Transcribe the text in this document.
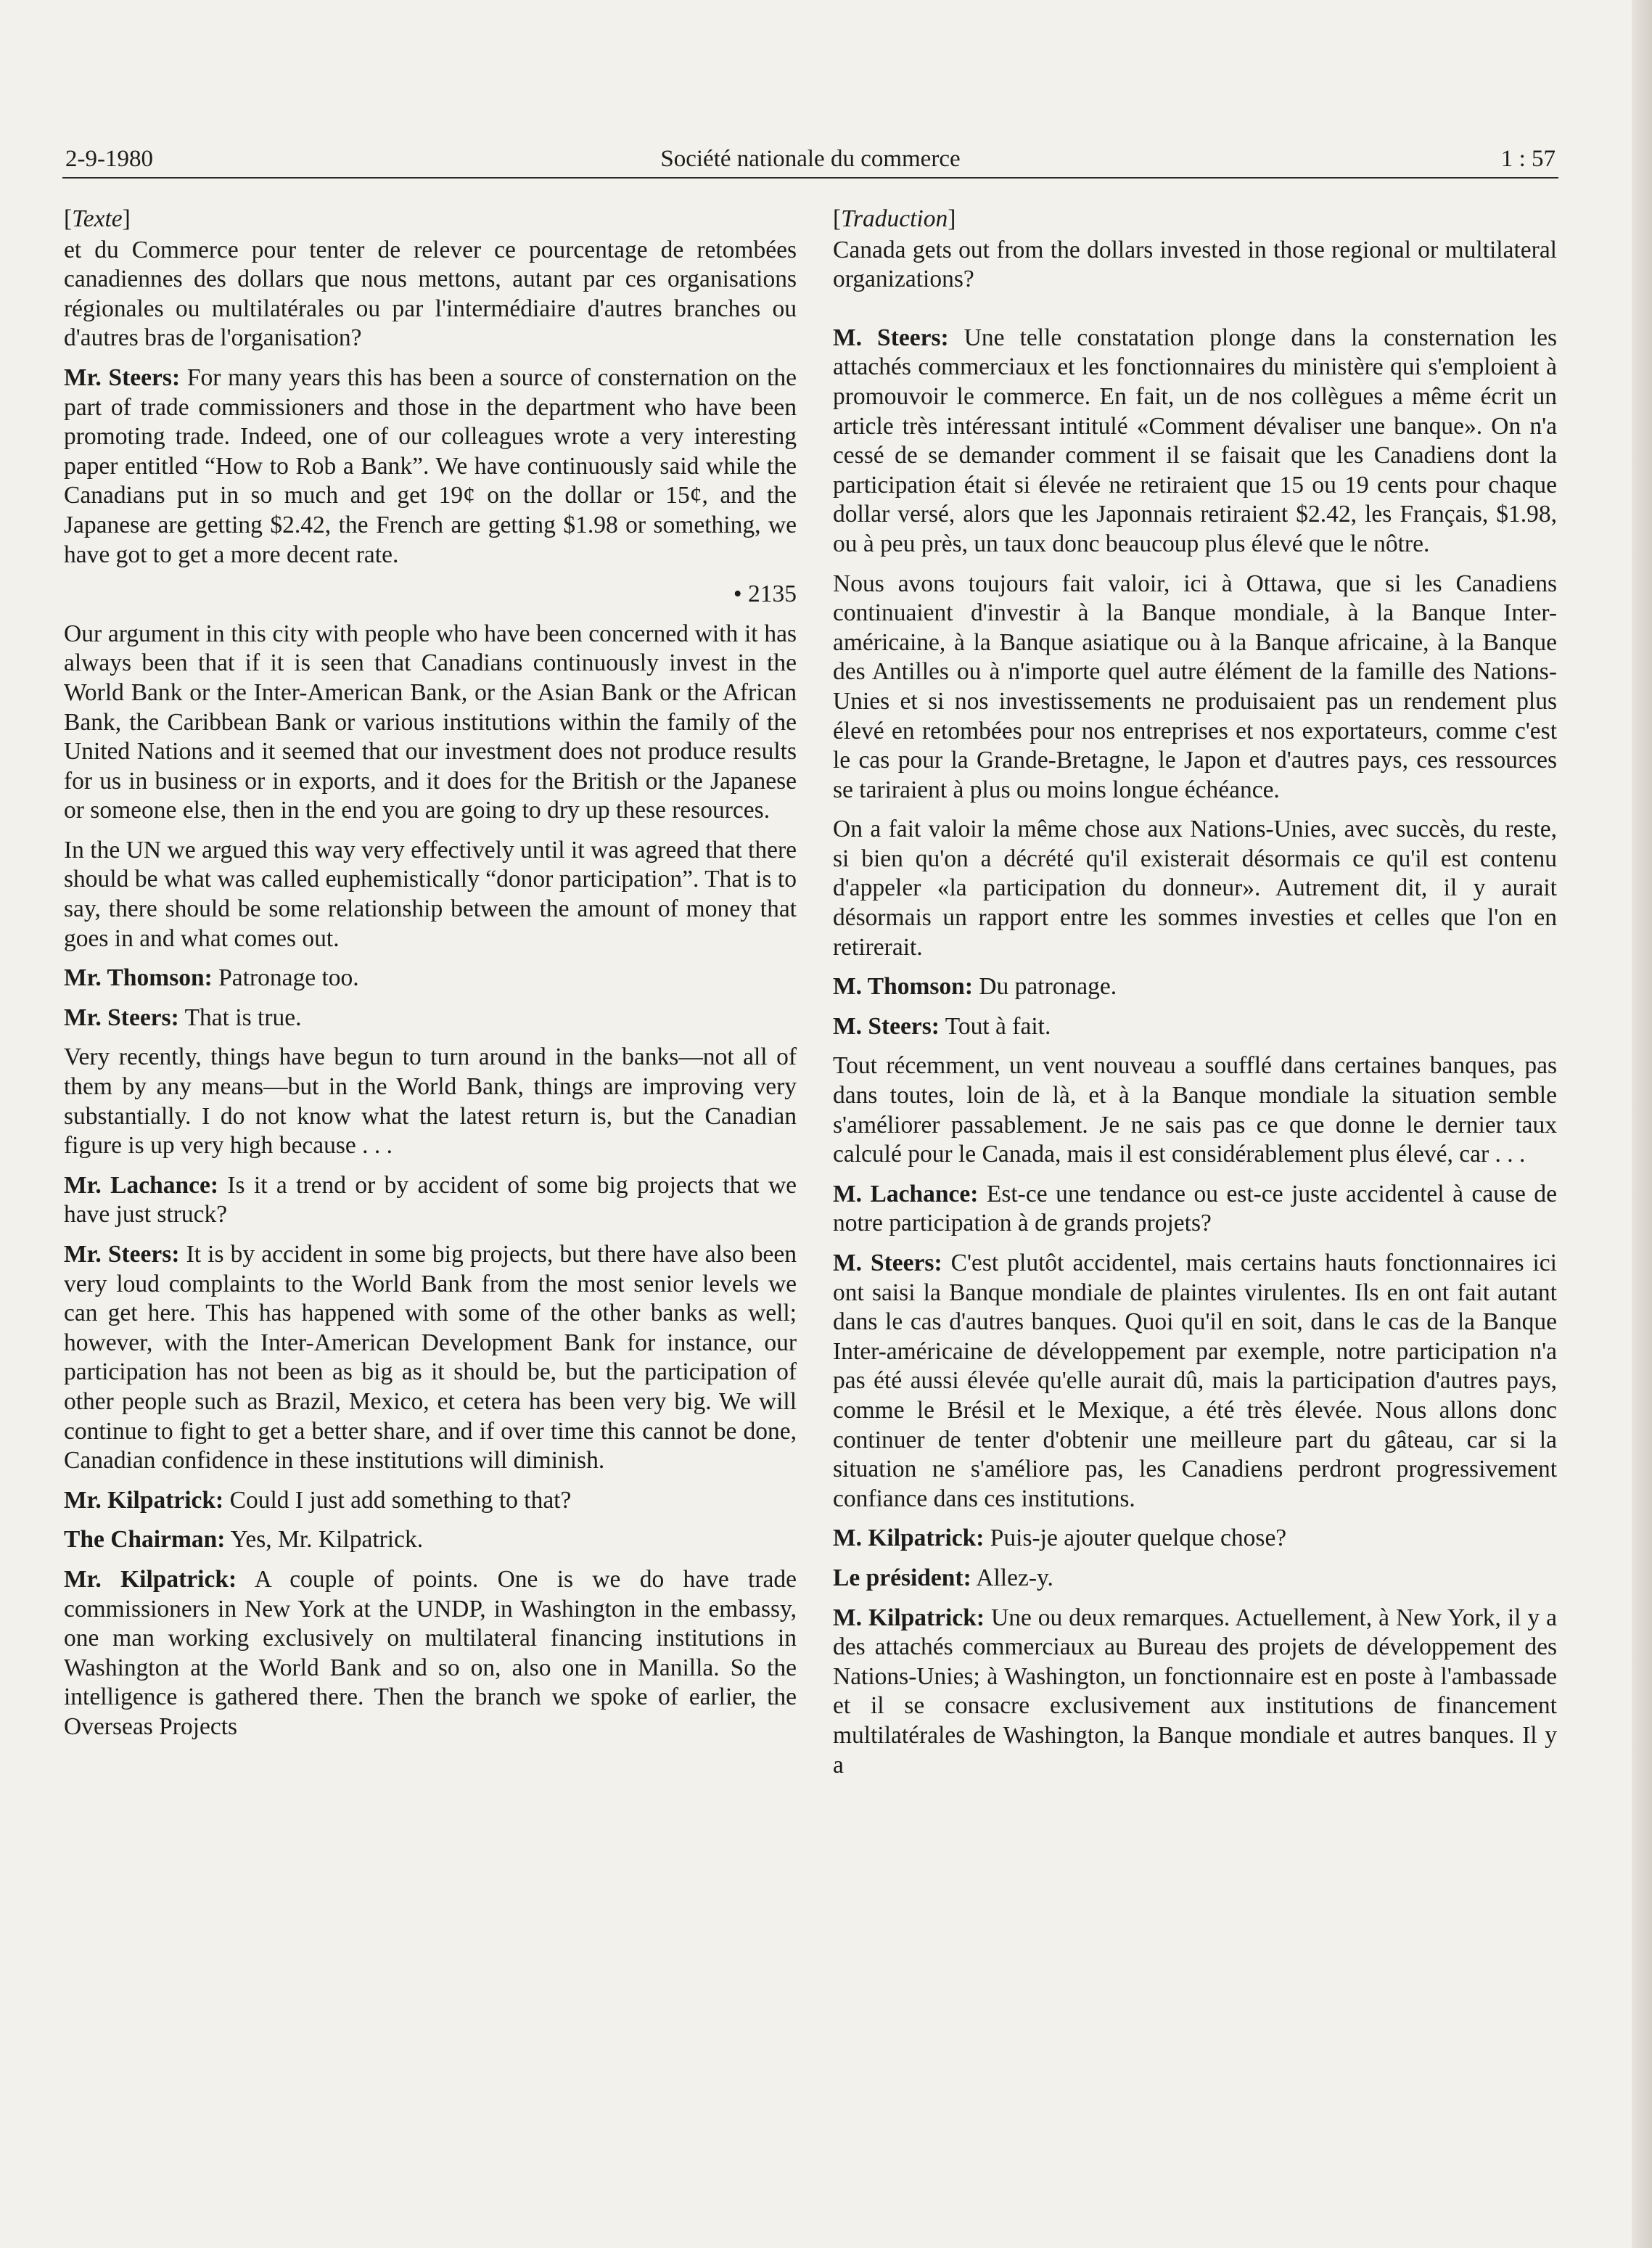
2-9-1980	Société nationale du commerce	1 : 57

[Texte]

et du Commerce pour tenter de relever ce pourcentage de retombées canadiennes des dollars que nous mettons, autant par ces organisations régionales ou multilatérales ou par l'intermédiaire d'autres branches ou d'autres bras de l'organisation?

Mr. Steers: For many years this has been a source of consternation on the part of trade commissioners and those in the department who have been promoting trade. Indeed, one of our colleagues wrote a very interesting paper entitled “How to Rob a Bank”. We have continuously said while the Canadians put in so much and get 19¢ on the dollar or 15¢, and the Japanese are getting $2.42, the French are getting $1.98 or something, we have got to get a more decent rate.

• 2135

Our argument in this city with people who have been concerned with it has always been that if it is seen that Canadians continuously invest in the World Bank or the Inter-American Bank, or the Asian Bank or the African Bank, the Caribbean Bank or various institutions within the family of the United Nations and it seemed that our investment does not produce results for us in business or in exports, and it does for the British or the Japanese or someone else, then in the end you are going to dry up these resources.

In the UN we argued this way very effectively until it was agreed that there should be what was called euphemistically “donor participation”. That is to say, there should be some relationship between the amount of money that goes in and what comes out.

Mr. Thomson: Patronage too.

Mr. Steers: That is true.

Very recently, things have begun to turn around in the banks—not all of them by any means—but in the World Bank, things are improving very substantially. I do not know what the latest return is, but the Canadian figure is up very high because . . .

Mr. Lachance: Is it a trend or by accident of some big projects that we have just struck?

Mr. Steers: It is by accident in some big projects, but there have also been very loud complaints to the World Bank from the most senior levels we can get here. This has happened with some of the other banks as well; however, with the Inter-American Development Bank for instance, our participation has not been as big as it should be, but the participation of other people such as Brazil, Mexico, et cetera has been very big. We will continue to fight to get a better share, and if over time this cannot be done, Canadian confidence in these institutions will diminish.

Mr. Kilpatrick: Could I just add something to that?

The Chairman: Yes, Mr. Kilpatrick.

Mr. Kilpatrick: A couple of points. One is we do have trade commissioners in New York at the UNDP, in Washington in the embassy, one man working exclusively on multilateral financing institutions in Washington at the World Bank and so on, also one in Manilla. So the intelligence is gathered there. Then the branch we spoke of earlier, the Overseas Projects

[Traduction]

Canada gets out from the dollars invested in those regional or multilateral organizations?

M. Steers: Une telle constatation plonge dans la consternation les attachés commerciaux et les fonctionnaires du ministère qui s'emploient à promouvoir le commerce. En fait, un de nos collègues a même écrit un article très intéressant intitulé «Comment dévaliser une banque». On n'a cessé de se demander comment il se faisait que les Canadiens dont la participation était si élevée ne retiraient que 15 ou 19 cents pour chaque dollar versé, alors que les Japonnais retiraient $2.42, les Français, $1.98, ou à peu près, un taux donc beaucoup plus élevé que le nôtre.

Nous avons toujours fait valoir, ici à Ottawa, que si les Canadiens continuaient d'investir à la Banque mondiale, à la Banque Inter-américaine, à la Banque asiatique ou à la Banque africaine, à la Banque des Antilles ou à n'importe quel autre élément de la famille des Nations-Unies et si nos investissements ne produisaient pas un rendement plus élevé en retombées pour nos entreprises et nos exportateurs, comme c'est le cas pour la Grande-Bretagne, le Japon et d'autres pays, ces ressources se tariraient à plus ou moins longue échéance.

On a fait valoir la même chose aux Nations-Unies, avec succès, du reste, si bien qu'on a décrété qu'il existerait désormais ce qu'il est contenu d'appeler «la participation du donneur». Autrement dit, il y aurait désormais un rapport entre les sommes investies et celles que l'on en retirerait.

M. Thomson: Du patronage.

M. Steers: Tout à fait.

Tout récemment, un vent nouveau a soufflé dans certaines banques, pas dans toutes, loin de là, et à la Banque mondiale la situation semble s'améliorer passablement. Je ne sais pas ce que donne le dernier taux calculé pour le Canada, mais il est considérablement plus élevé, car . . .

M. Lachance: Est-ce une tendance ou est-ce juste accidentel à cause de notre participation à de grands projets?

M. Steers: C'est plutôt accidentel, mais certains hauts fonctionnaires ici ont saisi la Banque mondiale de plaintes virulentes. Ils en ont fait autant dans le cas d'autres banques. Quoi qu'il en soit, dans le cas de la Banque Inter-américaine de développement par exemple, notre participation n'a pas été aussi élevée qu'elle aurait dû, mais la participation d'autres pays, comme le Brésil et le Mexique, a été très élevée. Nous allons donc continuer de tenter d'obtenir une meilleure part du gâteau, car si la situation ne s'améliore pas, les Canadiens perdront progressivement confiance dans ces institutions.

M. Kilpatrick: Puis-je ajouter quelque chose?

Le président: Allez-y.

M. Kilpatrick: Une ou deux remarques. Actuellement, à New York, il y a des attachés commerciaux au Bureau des projets de développement des Nations-Unies; à Washington, un fonctionnaire est en poste à l'ambassade et il se consacre exclusivement aux institutions de financement multilatérales de Washington, la Banque mondiale et autres banques. Il y a
